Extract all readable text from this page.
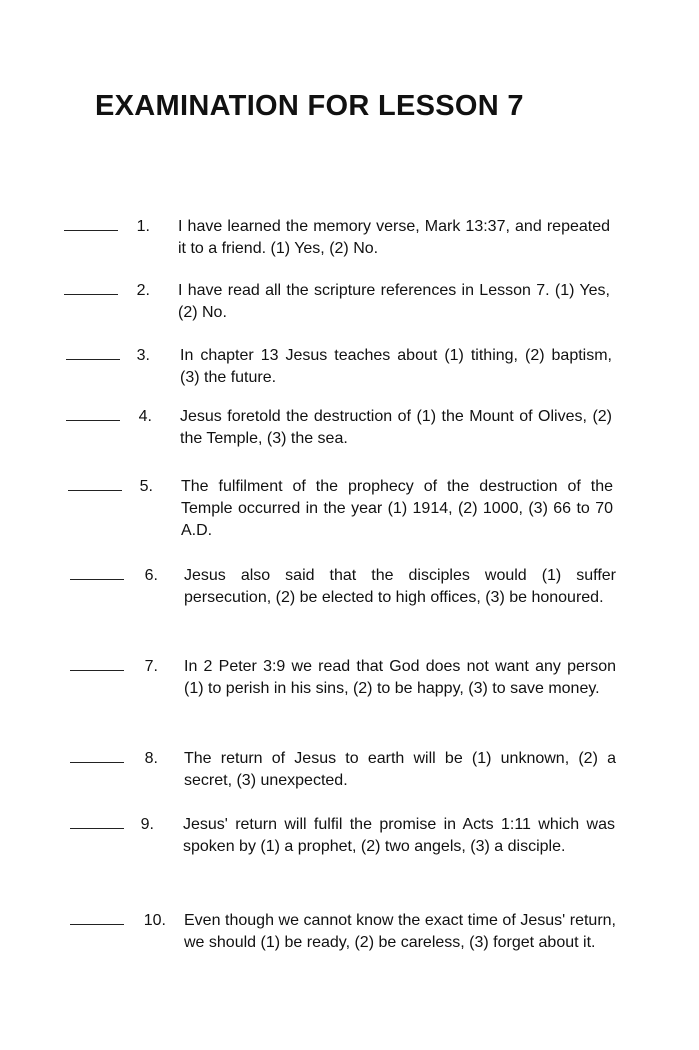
EXAMINATION FOR LESSON 7
1. I have learned the memory verse, Mark 13:37, and repeated it to a friend. (1) Yes, (2) No.
2. I have read all the scripture references in Lesson 7. (1) Yes, (2) No.
3. In chapter 13 Jesus teaches about (1) tithing, (2) baptism, (3) the future.
4. Jesus foretold the destruction of (1) the Mount of Olives, (2) the Temple, (3) the sea.
5. The fulfilment of the prophecy of the destruction of the Temple occurred in the year (1) 1914, (2) 1000, (3) 66 to 70 A.D.
6. Jesus also said that the disciples would (1) suffer persecution, (2) be elected to high offices, (3) be honoured.
7. In 2 Peter 3:9 we read that God does not want any person (1) to perish in his sins, (2) to be happy, (3) to save money.
8. The return of Jesus to earth will be (1) unknown, (2) a secret, (3) unexpected.
9. Jesus' return will fulfil the promise in Acts 1:11 which was spoken by (1) a prophet, (2) two angels, (3) a disciple.
10. Even though we cannot know the exact time of Jesus' return, we should (1) be ready, (2) be careless, (3) forget about it.
